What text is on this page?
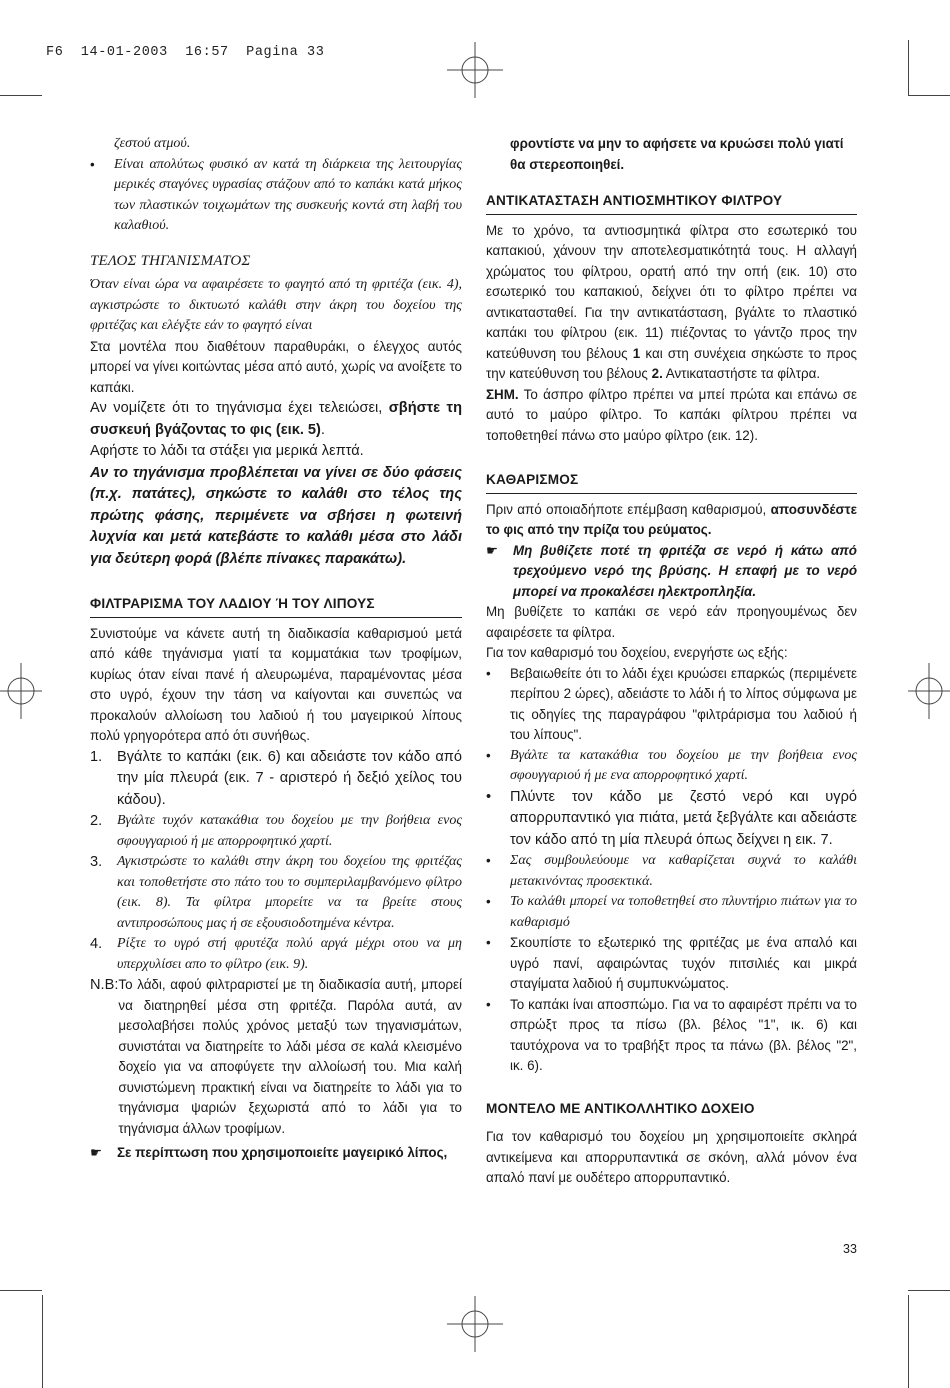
F6  14-01-2003  16:57  Pagina 33

ζεστού ατμού.

•	Είναι απολύτως φυσικό αν κατά τη διάρκεια της λειτουργίας μερικές σταγόνες υγρασίας στάζουν από το καπάκι κατά μήκος των πλαστικών τοιχωμάτων της συσκευής κοντά στη λαβή του καλαθιού.
ΤΕΛΟΣ ΤΗΓΑΝΙΣΜΑΤΟΣ

Όταν είναι ώρα να αφαιρέσετε το φαγητό από τη φριτέζα (εικ. 4), αγκιστρώστε το δικτυωτό καλάθι στην άκρη του δοχείου της φριτέζας και ελέγξτε εάν το φαγητό είναι

Στα μοντέλα που διαθέτουν παραθυράκι, ο έλεγχος αυτός μπορεί να γίνει κοιτώντας μέσα από αυτό, χωρίς να ανοίξετε το καπάκι.

Αν νομίζετε ότι το τηγάνισμα έχει τελειώσει, σβήστε τη συσκευή βγάζοντας το φις (εικ. 5).

Αφήστε το λάδι τα στάξει για μερικά λεπτά.

Αν το τηγάνισμα προβλέπεται να γίνει σε δύο φάσεις (π.χ. πατάτες), σηκώστε το καλάθι στο τέλος της πρώτης φάσης, περιμένετε να σβήσει η φωτεινή λυχνία και μετά κατεβάστε το καλάθι μέσα στο λάδι για δεύτερη φορά (βλέπε πίνακες παρακάτω).

ΦΙΛΤΡΑΡΙΣΜΑ ΤΟΥ ΛΑΔΙΟΥ Ή ΤΟΥ ΛΙΠΟΥΣ

Συνιστούμε να κάνετε αυτή τη διαδικασία καθαρισμού μετά από κάθε τηγάνισμα γιατί τα κομματάκια των τροφίμων, κυρίως όταν είναι πανέ ή αλευρωμένα, παραμένοντας μέσα στο υγρό, έχουν την τάση να καίγονται και συνεπώς να προκαλούν αλλοίωση του λαδιού ή του μαγειρικού λίπους πολύ γρηγορότερα από ότι συνήθως.

1.	Βγάλτε το καπάκι (εικ. 6) και αδειάστε τον κάδο από την μία πλευρά (εικ. 7 - αριστερό ή δεξιό χείλος του κάδου).
2.	Βγάλτε τυχόν κατακάθια του δοχείου με την βοήθεια ενος σφουγγαριού ή με απορροφητικό χαρτί.
3.	Αγκιστρώστε το καλάθι στην άκρη του δοχείου της φριτέζας και τοποθετήστε στο πάτο του το συμπεριλαμβανόμενο φίλτρο (εικ. 8). Τα φίλτρα μπορείτε να τα βρείτε στους αντιπροσώπους μας ή σε εξουσιοδοτημένα κέντρα.
4.	Ρίξτε το υγρό στή φρυτέζα πολύ αργά μέχρι οτου να μη υπερχυλίσει απο το φίλτρο (εικ. 9).
N.B: Το λάδι, αφού φιλτραριστεί με τη διαδικασία αυτή, μπορεί να διατηρηθεί μέσα στη φριτέζα. Παρόλα αυτά, αν μεσολαβήσει πολύς χρόνος μεταξύ των τηγανισμάτων, συνιστάται να διατηρείτε το λάδι μέσα σε καλά κλεισμένο δοχείο για να αποφύγετε την αλλοίωσή του. Μια καλή συνιστώμενη πρακτική είναι να διατηρείτε το λάδι για το τηγάνισμα ψαριών ξεχωριστά από το λάδι για το τηγάνισμα άλλων τροφίμων.
☛	Σε περίπτωση που χρησιμοποιείτε μαγειρικό λίπος,

φροντίστε να μην το αφήσετε να κρυώσει πολύ γιατί θα στερεοποιηθεί.

ΑΝΤΙΚΑΤΑΣΤΑΣΗ ΑΝΤΙΟΣΜΗΤΙΚΟΥ ΦΙΛΤΡΟΥ

Με το χρόνο, τα αντιοσμητικά φίλτρα στο εσωτερικό του καπακιού, χάνουν την αποτελεσματικότητά τους. Η αλλαγή χρώματος του φίλτρου, ορατή από την οπή (εικ. 10) στο εσωτερικό του καπακιού, δείχνει ότι το φίλτρο πρέπει να αντικατασταθεί. Για την αντικατάσταση, βγάλτε το πλαστικό καπάκι του φίλτρου (εικ. 11) πιέζοντας το γάντζο προς την κατεύθυνση του βέλους 1 και στη συνέχεια σηκώστε το προς την κατεύθυνση του βέλους 2. Αντικαταστήστε τα φίλτρα.

ΣΗΜ. Το άσπρο φίλτρο πρέπει να μπεί πρώτα και επάνω σε αυτό το μαύρο φίλτρο. Το καπάκι φίλτρου πρέπει να τοποθετηθεί πάνω στο μαύρο φίλτρο (εικ. 12).

ΚΑΘΑΡΙΣΜΟΣ

Πριν από οποιαδήποτε επέμβαση καθαρισμού, αποσυνδέστε το φις από την πρίζα του ρεύματος.

☛	Μη βυθίζετε ποτέ τη φριτέζα σε νερό ή κάτω από τρεχούμενο νερό της βρύσης. Η επαφή με το νερό μπορεί να προκαλέσει ηλεκτροπληξία.

Μη βυθίζετε το καπάκι σε νερό εάν προηγουμένως δεν αφαιρέσετε τα φίλτρα.

Για τον καθαρισμό του δοχείου, ενεργήστε ως εξής:

•	Βεβαιωθείτε ότι το λάδι έχει κρυώσει επαρκώς (περιμένετε περίπου 2 ώρες), αδειάστε το λάδι ή το λίπος σύμφωνα με τις οδηγίες της παραγράφου "φιλτράρισμα του λαδιού ή του λίπους".
•	Βγάλτε τα κατακάθια του δοχείου με την βοήθεια ενος σφουγγαριού ή με ενα απορροφητικό χαρτί.
•	Πλύντε τον κάδο με ζεστό νερό και υγρό απορρυπαντικό για πιάτα, μετά ξεβγάλτε και αδειάστε τον κάδο από τη μία πλευρά όπως δείχνει η εικ. 7.
•	Σας συμβουλεύουμε να καθαρίζεται συχνά το καλάθι μετακινόντας προσεκτικά.
•	Το καλάθι μπορεί να τοποθετηθεί στο πλυντήριο πιάτων για το καθαρισμό
•	Σκουπίστε το εξωτερικό της φριτέζας με ένα απαλό και υγρό πανί, αφαιρώντας τυχόν πιτσιλιές και μικρά σταγίματα λαδιού ή συμπυκνώματος.
•	Το καπάκι ίναι αποσπώμο. Για να το αφαιρέστ πρέπι να το σπρώξτ προς τα πίσω (βλ. βέλος "1", ικ. 6) και ταυτόχρονα να το τραβήξτ προς τα πάνω (βλ. βέλος "2", ικ. 6).
ΜΟΝΤΕΛΟ ΜΕ ΑΝΤΙΚΟΛΛΗΤΙΚΟ ΔΟΧΕΙΟ

Για τον καθαρισμό του δοχείου μη χρησιμοποιείτε σκληρά αντικείμενα και απορρυπαντικά σε σκόνη, αλλά μόνον ένα απαλό πανί με ουδέτερο απορρυπαντικό.

33
